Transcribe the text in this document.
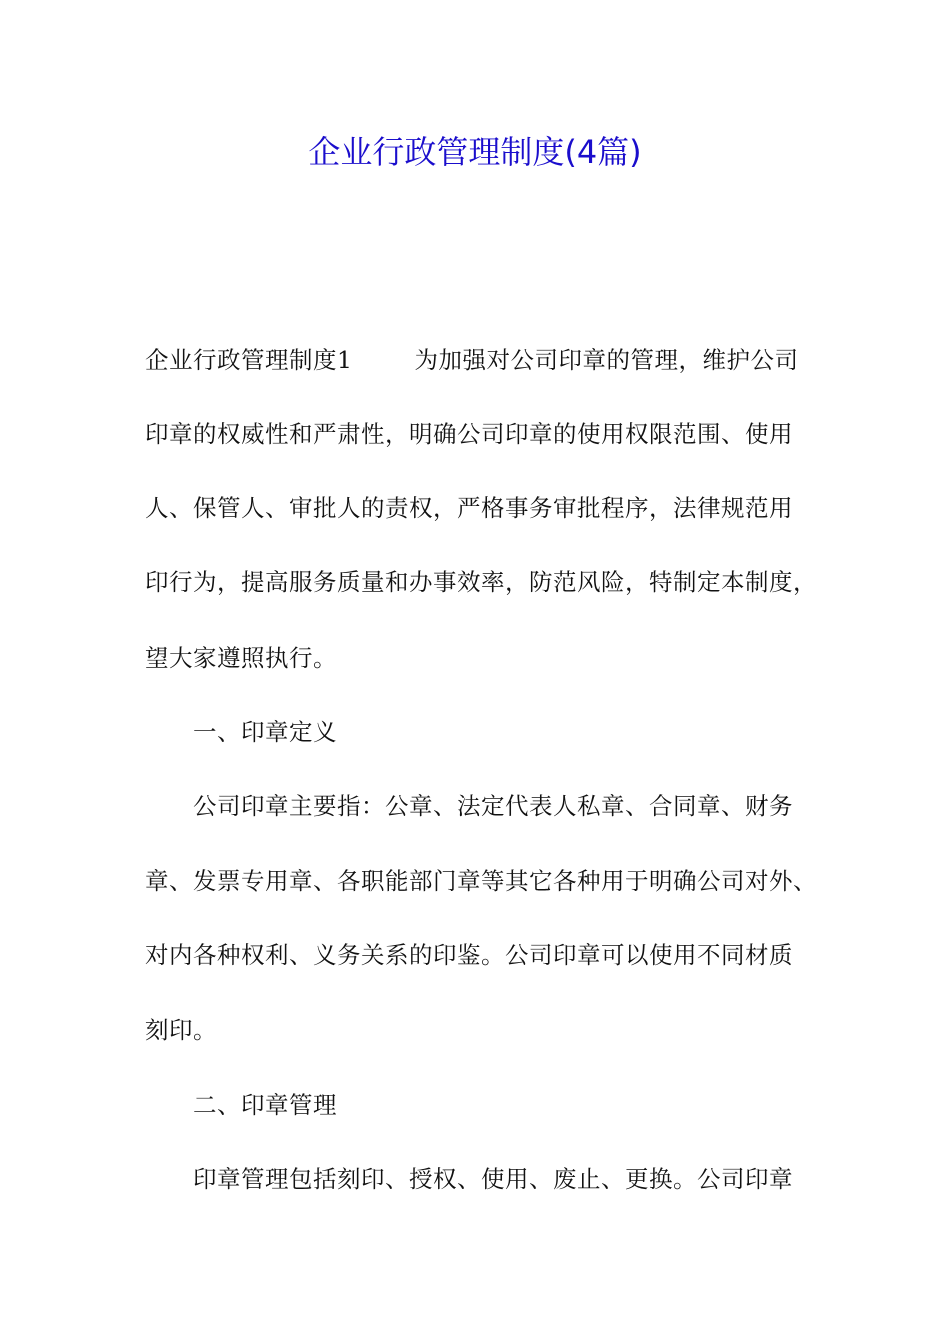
企业行政管理制度(4篇)
企业行政管理制度1	为加强对公司印章的管理，维护公司
印章的权威性和严肃性，明确公司印章的使用权限范围、使用
人、保管人、审批人的责权，严格事务审批程序，法律规范用
印行为，提高服务质量和办事效率，防范风险，特制定本制度，
望大家遵照执行。
一、印章定义
公司印章主要指：公章、法定代表人私章、合同章、财务
章、发票专用章、各职能部门章等其它各种用于明确公司对外、
对内各种权利、义务关系的印鉴。公司印章可以使用不同材质
刻印。
二、印章管理
印章管理包括刻印、授权、使用、废止、更换。公司印章
